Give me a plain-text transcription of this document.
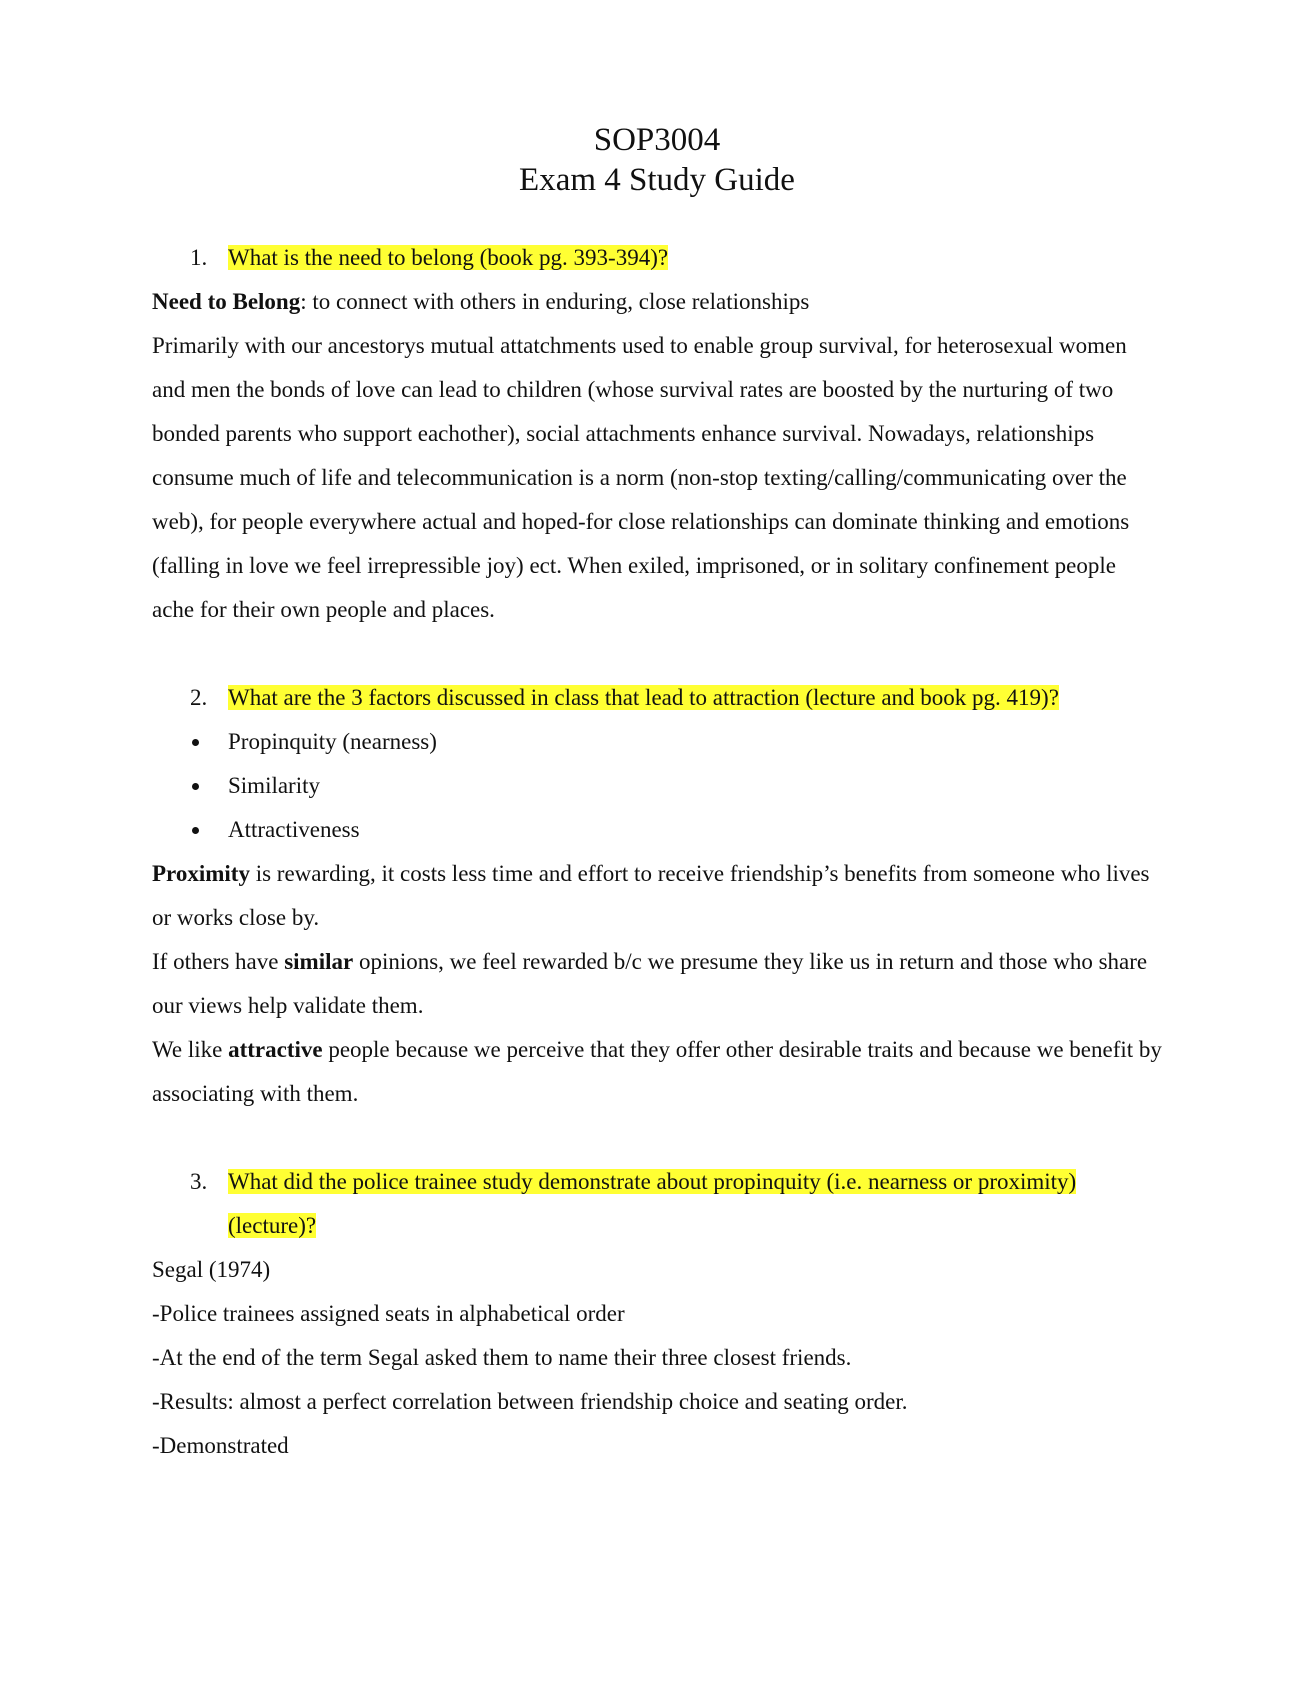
SOP3004
Exam 4 Study Guide
1. What is the need to belong (book pg. 393-394)?

Need to Belong: to connect with others in enduring, close relationships

Primarily with our ancestorys mutual attatchments used to enable group survival, for heterosexual women and men the bonds of love can lead to children (whose survival rates are boosted by the nurturing of two bonded parents who support eachother), social attachments enhance survival. Nowadays, relationships consume much of life and telecommunication is a norm (non-stop texting/calling/communicating over the web), for people everywhere actual and hoped-for close relationships can dominate thinking and emotions (falling in love we feel irrepressible joy) ect. When exiled, imprisoned, or in solitary confinement people ache for their own people and places.

2. What are the 3 factors discussed in class that lead to attraction (lecture and book pg. 419)?
Propinquity (nearness)
Similarity
Attractiveness

Proximity is rewarding, it costs less time and effort to receive friendship’s benefits from someone who lives or works close by.

If others have similar opinions, we feel rewarded b/c we presume they like us in return and those who share our views help validate them.

We like attractive people because we perceive that they offer other desirable traits and because we benefit by associating with them.

3. What did the police trainee study demonstrate about propinquity (i.e. nearness or proximity) (lecture)?

Segal (1974)

-Police trainees assigned seats in alphabetical order

-At the end of the term Segal asked them to name their three closest friends.

-Results: almost a perfect correlation between friendship choice and seating order.

-Demonstrated
